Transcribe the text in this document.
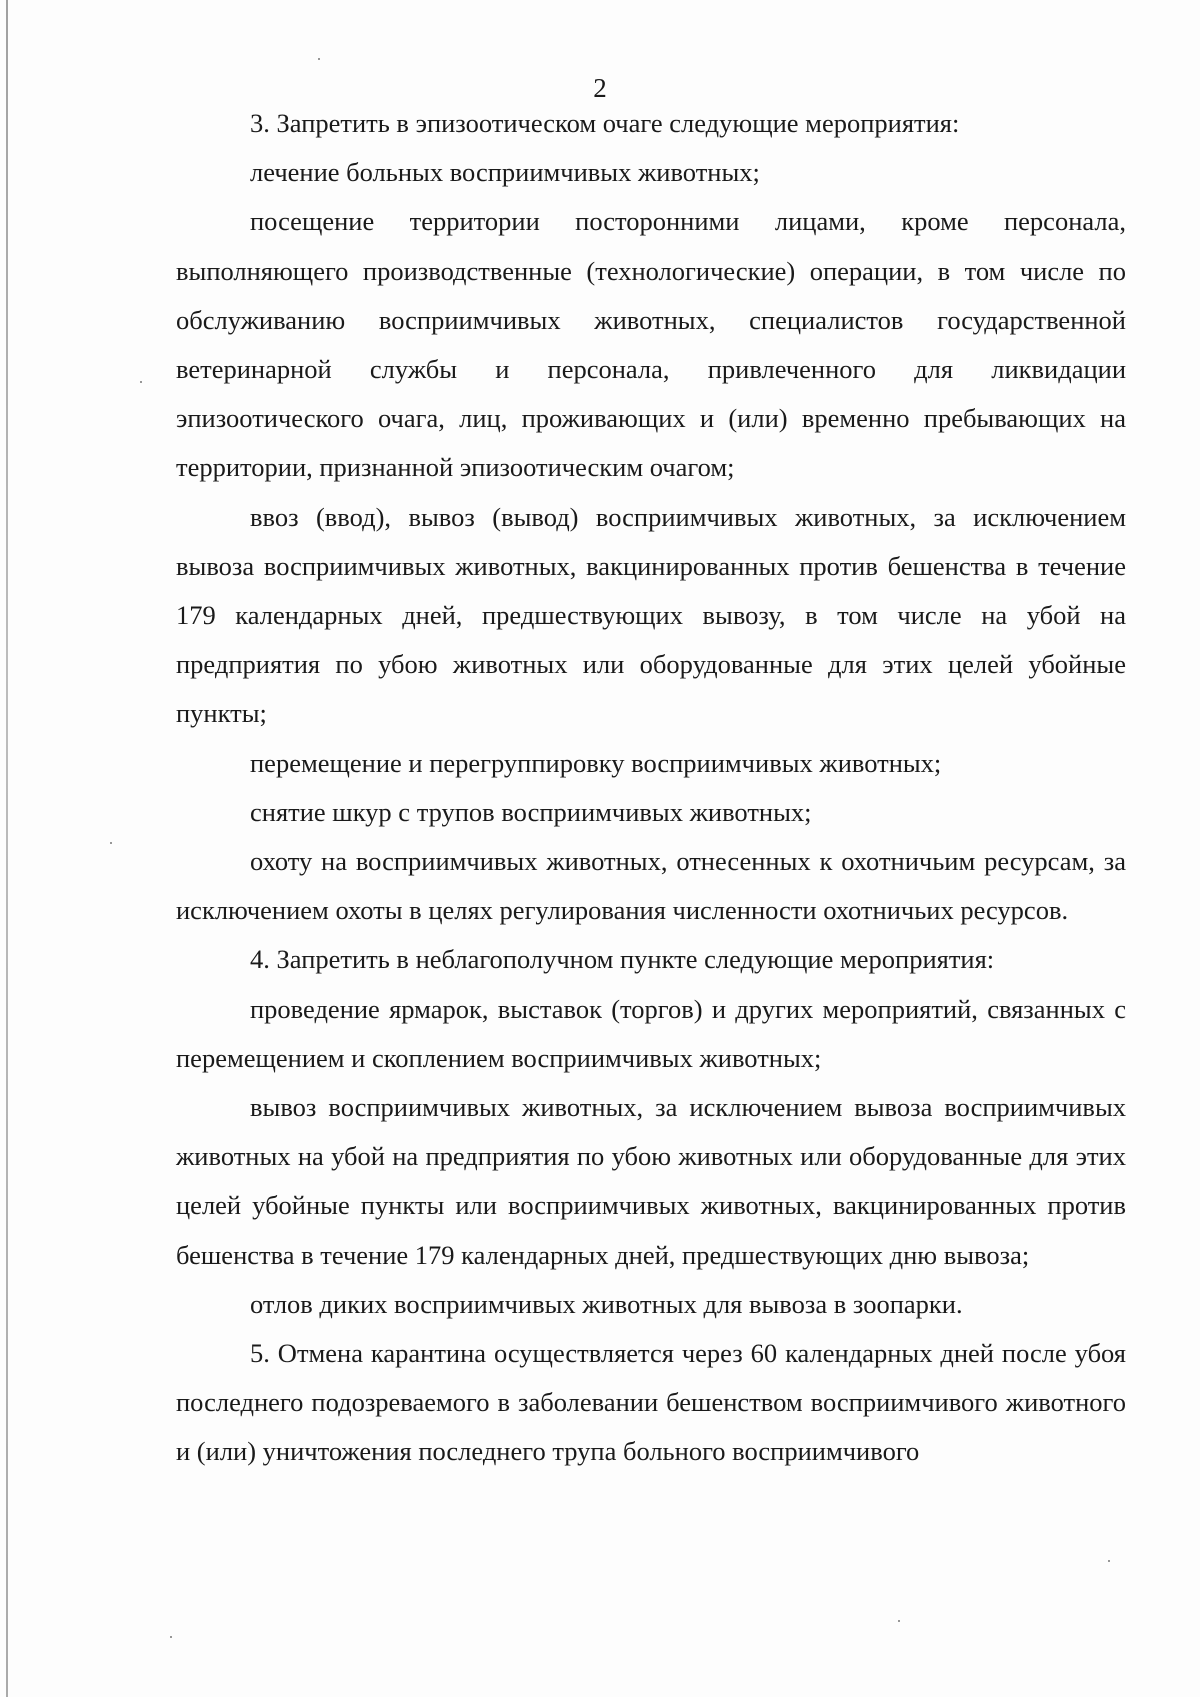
2

3. Запретить в эпизоотическом очаге следующие мероприятия:

лечение больных восприимчивых животных;

посещение территории посторонними лицами, кроме персонала, выполняющего производственные (технологические) операции, в том числе по обслуживанию восприимчивых животных, специалистов государственной ветеринарной службы и персонала, привлеченного для ликвидации эпизоотического очага, лиц, проживающих и (или) временно пребывающих на территории, признанной эпизоотическим очагом;

ввоз (ввод), вывоз (вывод) восприимчивых животных, за исключением вывоза восприимчивых животных, вакцинированных против бешенства в течение 179 календарных дней, предшествующих вывозу, в том числе на убой на предприятия по убою животных или оборудованные для этих целей убойные пункты;

перемещение и перегруппировку восприимчивых животных;

снятие шкур с трупов восприимчивых животных;

охоту на восприимчивых животных, отнесенных к охотничьим ресурсам, за исключением охоты в целях регулирования численности охотничьих ресурсов.

4. Запретить в неблагополучном пункте следующие мероприятия:

проведение ярмарок, выставок (торгов) и других мероприятий, связанных с перемещением и скоплением восприимчивых животных;

вывоз восприимчивых животных, за исключением вывоза восприимчивых животных на убой на предприятия по убою животных или оборудованные для этих целей убойные пункты или восприимчивых животных, вакцинированных против бешенства в течение 179 календарных дней, предшествующих дню вывоза;

отлов диких восприимчивых животных для вывоза в зоопарки.

5. Отмена карантина осуществляется через 60 календарных дней после убоя последнего подозреваемого в заболевании бешенством восприимчивого животного и (или) уничтожения последнего трупа больного восприимчивого
